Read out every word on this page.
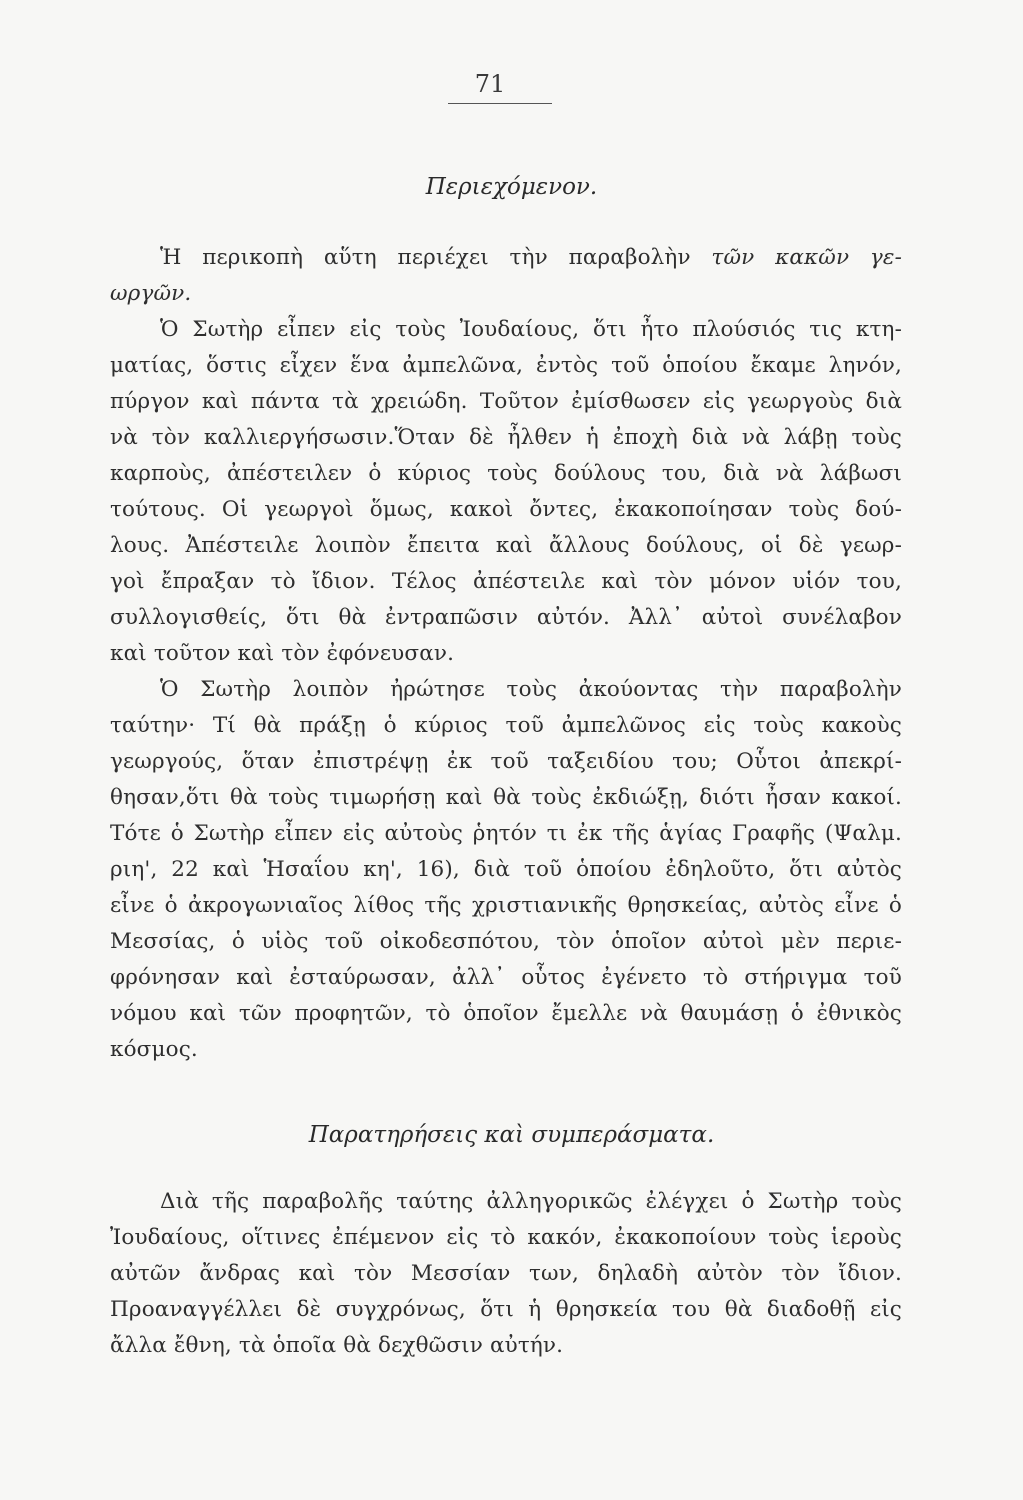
71
Περιεχόμενον.
Ἡ περικοπὴ αὕτη περιέχει τὴν παραβολὴν τῶν κακῶν γε-
ωργῶν.
Ὁ Σωτὴρ εἶπεν εἰς τοὺς Ἰουδαίους, ὅτι ἦτο πλούσιός τις κτη-
ματίας, ὅστις εἶχεν ἕνα ἀμπελῶνα, ἐντὸς τοῦ ὁποίου ἔκαμε ληνόν,
πύργον καὶ πάντα τὰ χρειώδη. Τοῦτον ἐμίσθωσεν εἰς γεωργοὺς διὰ
νὰ τὸν καλλιεργήσωσιν.Ὅταν δὲ ἦλθεν ἡ ἐποχὴ διὰ νὰ λάβῃ τοὺς
καρποὺς, ἀπέστειλεν ὁ κύριος τοὺς δούλους του, διὰ νὰ λάβωσι
τούτους. Οἱ γεωργοὶ ὅμως, κακοὶ ὄντες, ἐκακοποίησαν τοὺς δού-
λους. Ἀπέστειλε λοιπὸν ἔπειτα καὶ ἄλλους δούλους, οἱ δὲ γεωρ-
γοὶ ἔπραξαν τὸ ἴδιον. Τέλος ἀπέστειλε καὶ τὸν μόνον υἱόν του,
συλλογισθείς, ὅτι θὰ ἐντραπῶσιν αὐτόν. Ἀλλ᾽ αὐτοὶ συνέλαβον
καὶ τοῦτον καὶ τὸν ἐφόνευσαν.
Ὁ Σωτὴρ λοιπὸν ἠρώτησε τοὺς ἀκούοντας τὴν παραβολὴν
ταύτην· Τί θὰ πράξῃ ὁ κύριος τοῦ ἀμπελῶνος εἰς τοὺς κακοὺς
γεωργούς, ὅταν ἐπιστρέψῃ ἐκ τοῦ ταξειδίου του; Οὗτοι ἀπεκρί-
θησαν,ὅτι θὰ τοὺς τιμωρήσῃ καὶ θὰ τοὺς ἐκδιώξῃ, διότι ἦσαν κακοί.
Τότε ὁ Σωτὴρ εἶπεν εἰς αὐτοὺς ῥητόν τι ἐκ τῆς ἁγίας Γραφῆς (Ψαλμ.
ριη', 22 καὶ Ἡσαΐου κη', 16), διὰ τοῦ ὁποίου ἐδηλοῦτο, ὅτι αὐτὸς
εἶνε ὁ ἀκρογωνιαῖος λίθος τῆς χριστιανικῆς θρησκείας, αὐτὸς εἶνε ὁ
Μεσσίας, ὁ υἱὸς τοῦ οἰκοδεσπότου, τὸν ὁποῖον αὐτοὶ μὲν περιε-
φρόνησαν καὶ ἐσταύρωσαν, ἀλλ᾽ οὗτος ἐγένετο τὸ στήριγμα τοῦ
νόμου καὶ τῶν προφητῶν, τὸ ὁποῖον ἔμελλε νὰ θαυμάσῃ ὁ ἐθνικὸς
κόσμος.
Παρατηρήσεις καὶ συμπεράσματα.
Διὰ τῆς παραβολῆς ταύτης ἀλληγορικῶς ἐλέγχει ὁ Σωτὴρ τοὺς
Ἰουδαίους, οἵτινες ἐπέμενον εἰς τὸ κακόν, ἐκακοποίουν τοὺς ἱεροὺς
αὐτῶν ἄνδρας καὶ τὸν Μεσσίαν των, δηλαδὴ αὐτὸν τὸν ἴδιον.
Προαναγγέλλει δὲ συγχρόνως, ὅτι ἡ θρησκεία του θὰ διαδοθῇ εἰς
ἄλλα ἔθνη, τὰ ὁποῖα θὰ δεχθῶσιν αὐτήν.
